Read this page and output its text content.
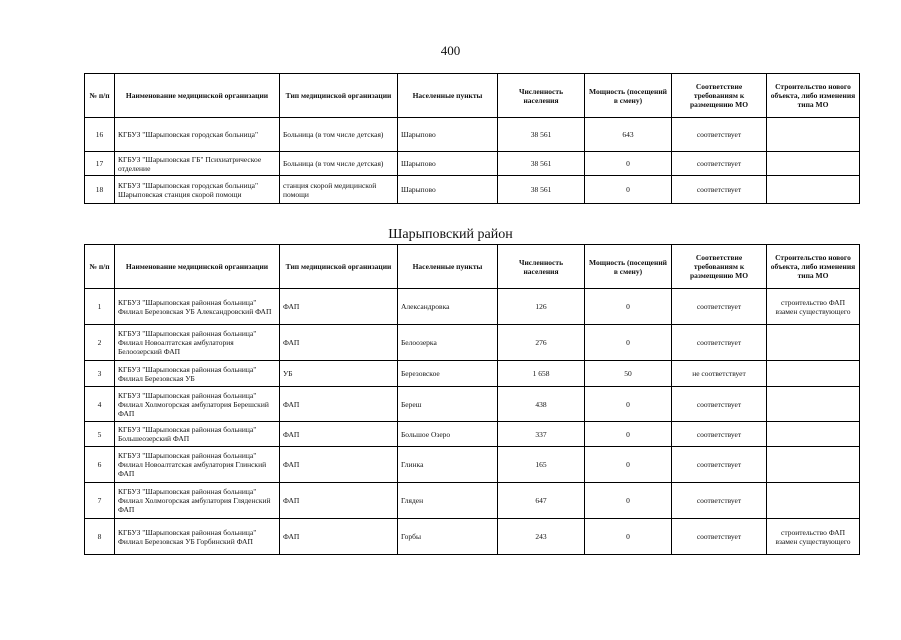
400
№ п/п	Наименование медицинской организации	Тип медицинской организации	Населенные пункты	Численность населения	Мощность (посещений в смену)	Соответствие требованиям к размещению МО	Строительство нового объекта, либо изменения типа МО
16	КГБУЗ "Шарыповская городская больница"	Больница (в том числе детская)	Шарыпово	38 561	643	соответствует	
17	КГБУЗ "Шарыповская ГБ" Психиатрическое отделение	Больница (в том числе детская)	Шарыпово	38 561	0	соответствует	
18	КГБУЗ "Шарыповская городская больница" Шарыповская станция скорой помощи	станция скорой медицинской помощи	Шарыпово	38 561	0	соответствует	
Шарыповский район
№ п/п	Наименование медицинской организации	Тип медицинской организации	Населенные пункты	Численность населения	Мощность (посещений в смену)	Соответствие требованиям к размещению МО	Строительство нового объекта, либо изменения типа МО
1	КГБУЗ "Шарыповская районная больница" Филиал Березовская УБ Александровский ФАП	ФАП	Александровка	126	0	соответствует	строительство ФАП взамен существующего
2	КГБУЗ "Шарыповская районная больница" Филиал Новоалтатская амбулатория Белоозерский ФАП	ФАП	Белоозерка	276	0	соответствует	
3	КГБУЗ "Шарыповская районная больница" Филиал Березовская УБ	УБ	Березовское	1 658	50	не соответствует	
4	КГБУЗ "Шарыповская районная больница" Филиал Холмогорская амбулатория Берешский ФАП	ФАП	Береш	438	0	соответствует	
5	КГБУЗ "Шарыповская районная больница" Большеозерский ФАП	ФАП	Большое Озеро	337	0	соответствует	
6	КГБУЗ "Шарыповская районная больница" Филиал Новоалтатская амбулатория Глинский ФАП	ФАП	Глинка	165	0	соответствует	
7	КГБУЗ "Шарыповская районная больница" Филиал Холмогорская амбулатория Гляденский ФАП	ФАП	Гляден	647	0	соответствует	
8	КГБУЗ "Шарыповская районная больница" Филиал Березовская УБ Горбинский ФАП	ФАП	Горбы	243	0	соответствует	строительство ФАП взамен существующего
